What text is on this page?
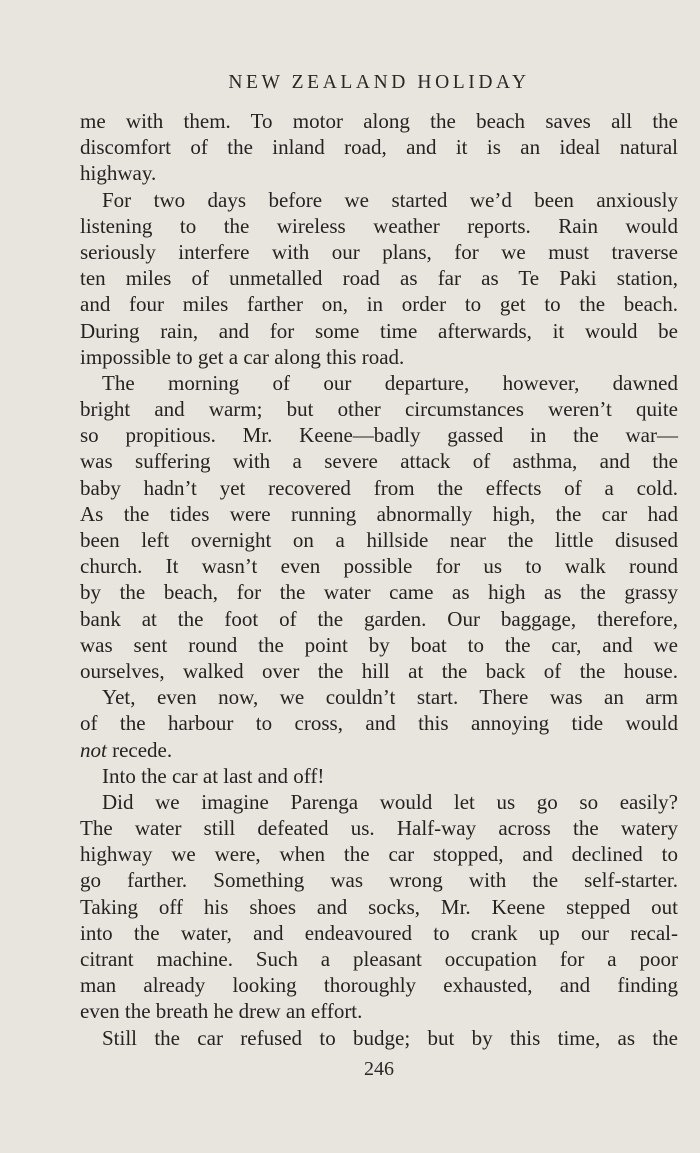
NEW ZEALAND HOLIDAY
me with them. To motor along the beach saves all the
discomfort of the inland road, and it is an ideal natural
highway.
For two days before we started we’d been anxiously
listening to the wireless weather reports. Rain would
seriously interfere with our plans, for we must traverse
ten miles of unmetalled road as far as Te Paki station,
and four miles farther on, in order to get to the beach.
During rain, and for some time afterwards, it would be
impossible to get a car along this road.
The morning of our departure, however, dawned
bright and warm; but other circumstances weren’t quite
so propitious. Mr. Keene—badly gassed in the war—
was suffering with a severe attack of asthma, and the
baby hadn’t yet recovered from the effects of a cold.
As the tides were running abnormally high, the car had
been left overnight on a hillside near the little disused
church. It wasn’t even possible for us to walk round
by the beach, for the water came as high as the grassy
bank at the foot of the garden. Our baggage, therefore,
was sent round the point by boat to the car, and we
ourselves, walked over the hill at the back of the house.
Yet, even now, we couldn’t start. There was an arm
of the harbour to cross, and this annoying tide would
not recede.
Into the car at last and off!
Did we imagine Parenga would let us go so easily?
The water still defeated us. Half-way across the watery
highway we were, when the car stopped, and declined to
go farther. Something was wrong with the self-starter.
Taking off his shoes and socks, Mr. Keene stepped out
into the water, and endeavoured to crank up our recal-
citrant machine. Such a pleasant occupation for a poor
man already looking thoroughly exhausted, and finding
even the breath he drew an effort.
Still the car refused to budge; but by this time, as the
246
